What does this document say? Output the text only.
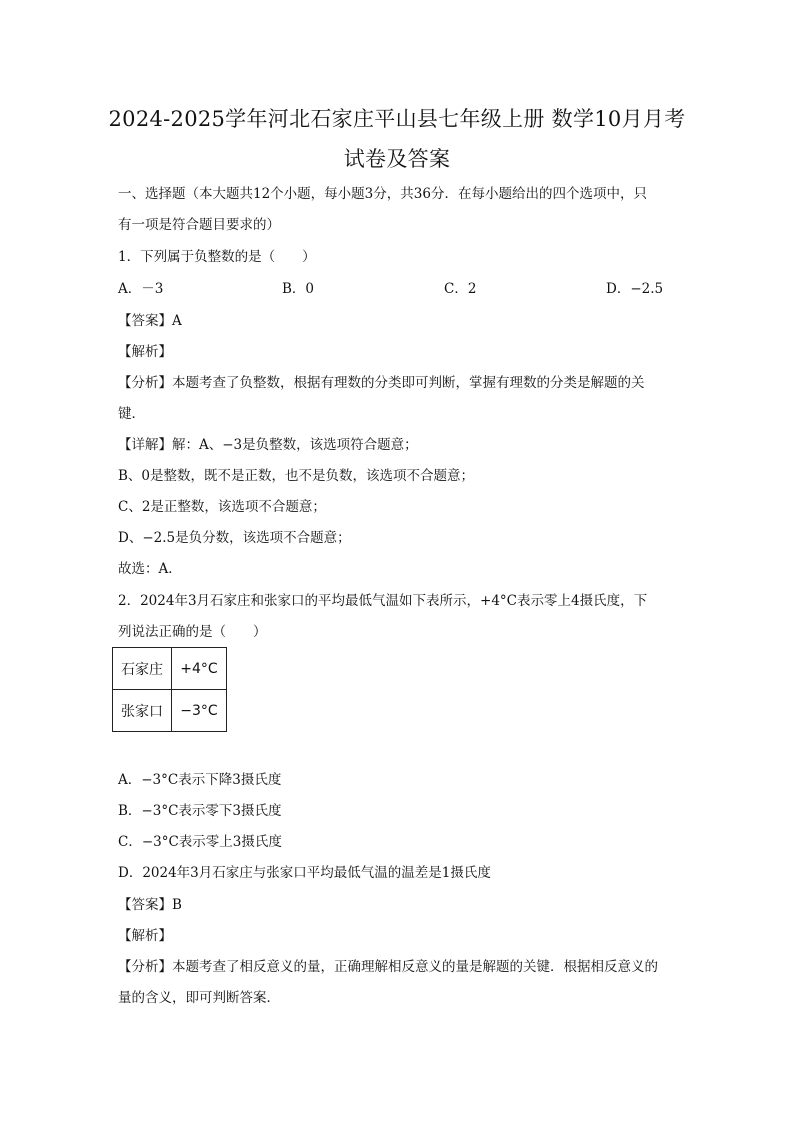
2024-2025学年河北石家庄平山县七年级上册 数学10月月考
试卷及答案
一、选择题（本大题共12个小题，每小题3分，共36分．在每小题给出的四个选项中，只
有一项是符合题目要求的）
1．下列属于负整数的是（　　）
A．－3	B．0	C．2	D．−2.5
【答案】A
【解析】
【分析】本题考查了负整数，根据有理数的分类即可判断，掌握有理数的分类是解题的关
键．
【详解】解：A、−3是负整数，该选项符合题意；
B、0是整数，既不是正数，也不是负数，该选项不合题意；
C、2是正整数，该选项不合题意；
D、−2.5是负分数，该选项不合题意；
故选：A．
2．2024年3月石家庄和张家口的平均最低气温如下表所示，+4°C表示零上4摄氏度，下
列说法正确的是（　　）
石家庄	+4°C
张家口	−3°C
A．−3°C表示下降3摄氏度
B．−3°C表示零下3摄氏度
C．−3°C表示零上3摄氏度
D．2024年3月石家庄与张家口平均最低气温的温差是1摄氏度
【答案】B
【解析】
【分析】本题考查了相反意义的量，正确理解相反意义的量是解题的关键．根据相反意义的
量的含义，即可判断答案．
